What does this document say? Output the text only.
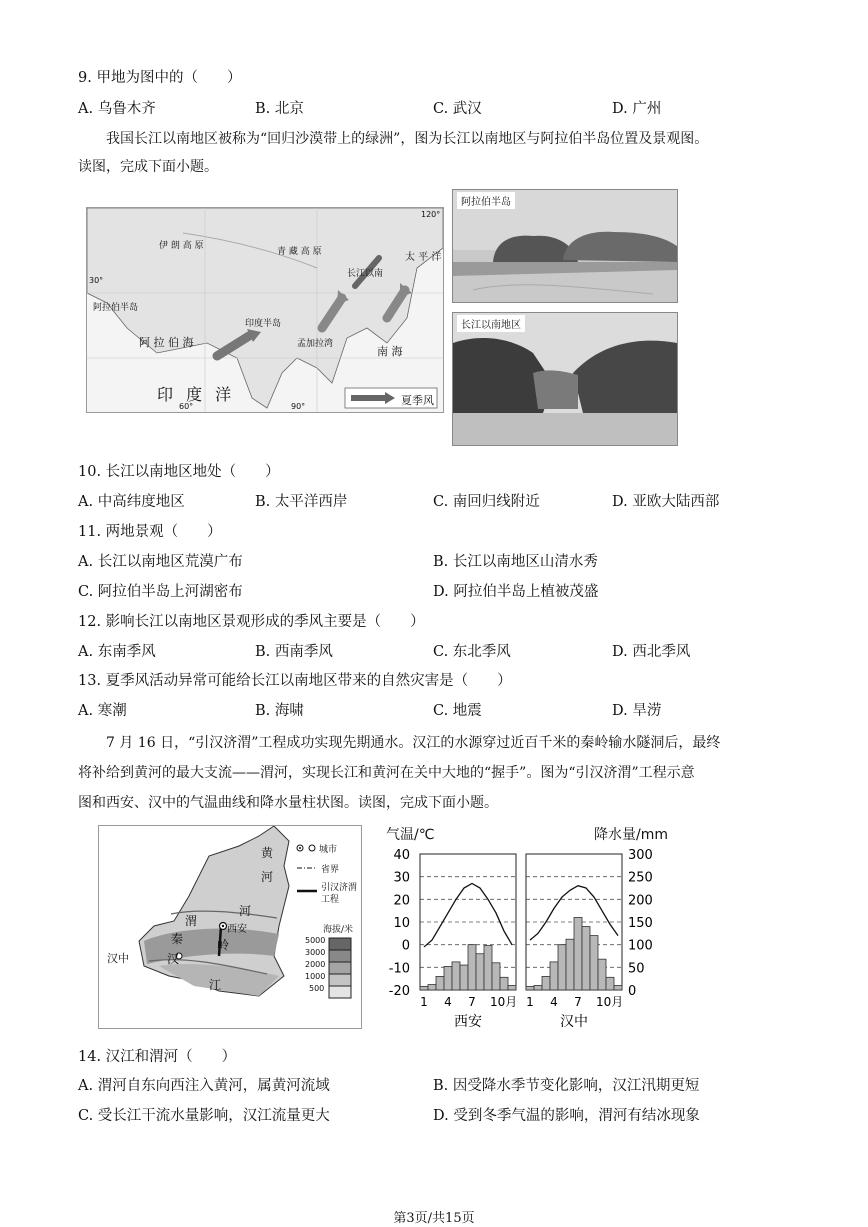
9. 甲地为图中的（　　）
A. 乌鲁木齐	B. 北京	C. 武汉	D. 广州
我国长江以南地区被称为“回归沙漠带上的绿洲”，图为长江以南地区与阿拉伯半岛位置及景观图。
读图，完成下面小题。
伊 朗 高 原
青 藏 高 原
长江以南
阿拉伯半岛
印度半岛
阿 拉 伯 海	孟加拉湾
南 海
太 平 洋
印 度 洋	夏季风
30°
120°
60°	90°
阿拉伯半岛
长江以南地区
10. 长江以南地区地处（　　）
A. 中高纬度地区	B. 太平洋西岸	C. 南回归线附近	D. 亚欧大陆西部
11. 两地景观（　　）
A. 长江以南地区荒漠广布	B. 长江以南地区山清水秀
C. 阿拉伯半岛上河湖密布	D. 阿拉伯半岛上植被茂盛
12. 影响长江以南地区景观形成的季风主要是（　　）
A. 东南季风	B. 西南季风	C. 东北季风	D. 西北季风
13. 夏季风活动异常可能给长江以南地区带来的自然灾害是（　　）
A. 寒潮	B. 海啸	C. 地震	D. 旱涝
7 月 16 日，“引汉济渭”工程成功实现先期通水。汉江的水源穿过近百千米的秦岭输水隧洞后，最终
将补给到黄河的最大支流——渭河，实现长江和黄河在关中大地的“握手”。图为“引汉济渭”工程示意
图和西安、汉中的气温曲线和降水量柱状图。读图，完成下面小题。
黄
河
渭
河
西安
秦	岭
汉中	汉
江
城市
省界
引汉济渭工程
海拔/米
5000
3000
2000
1000
500
气温/℃	降水量/mm
40
30
20
10
0
-10
-20
300
250
200
150
100
50
0
1 4 7 10月
西安
1 4 7 10月
汉中
14. 汉江和渭河（　　）
A. 渭河自东向西注入黄河，属黄河流域	B. 因受降水季节变化影响，汉江汛期更短
C. 受长江干流水量影响，汉江流量更大	D. 受到冬季气温的影响，渭河有结冰现象
第3页/共15页
